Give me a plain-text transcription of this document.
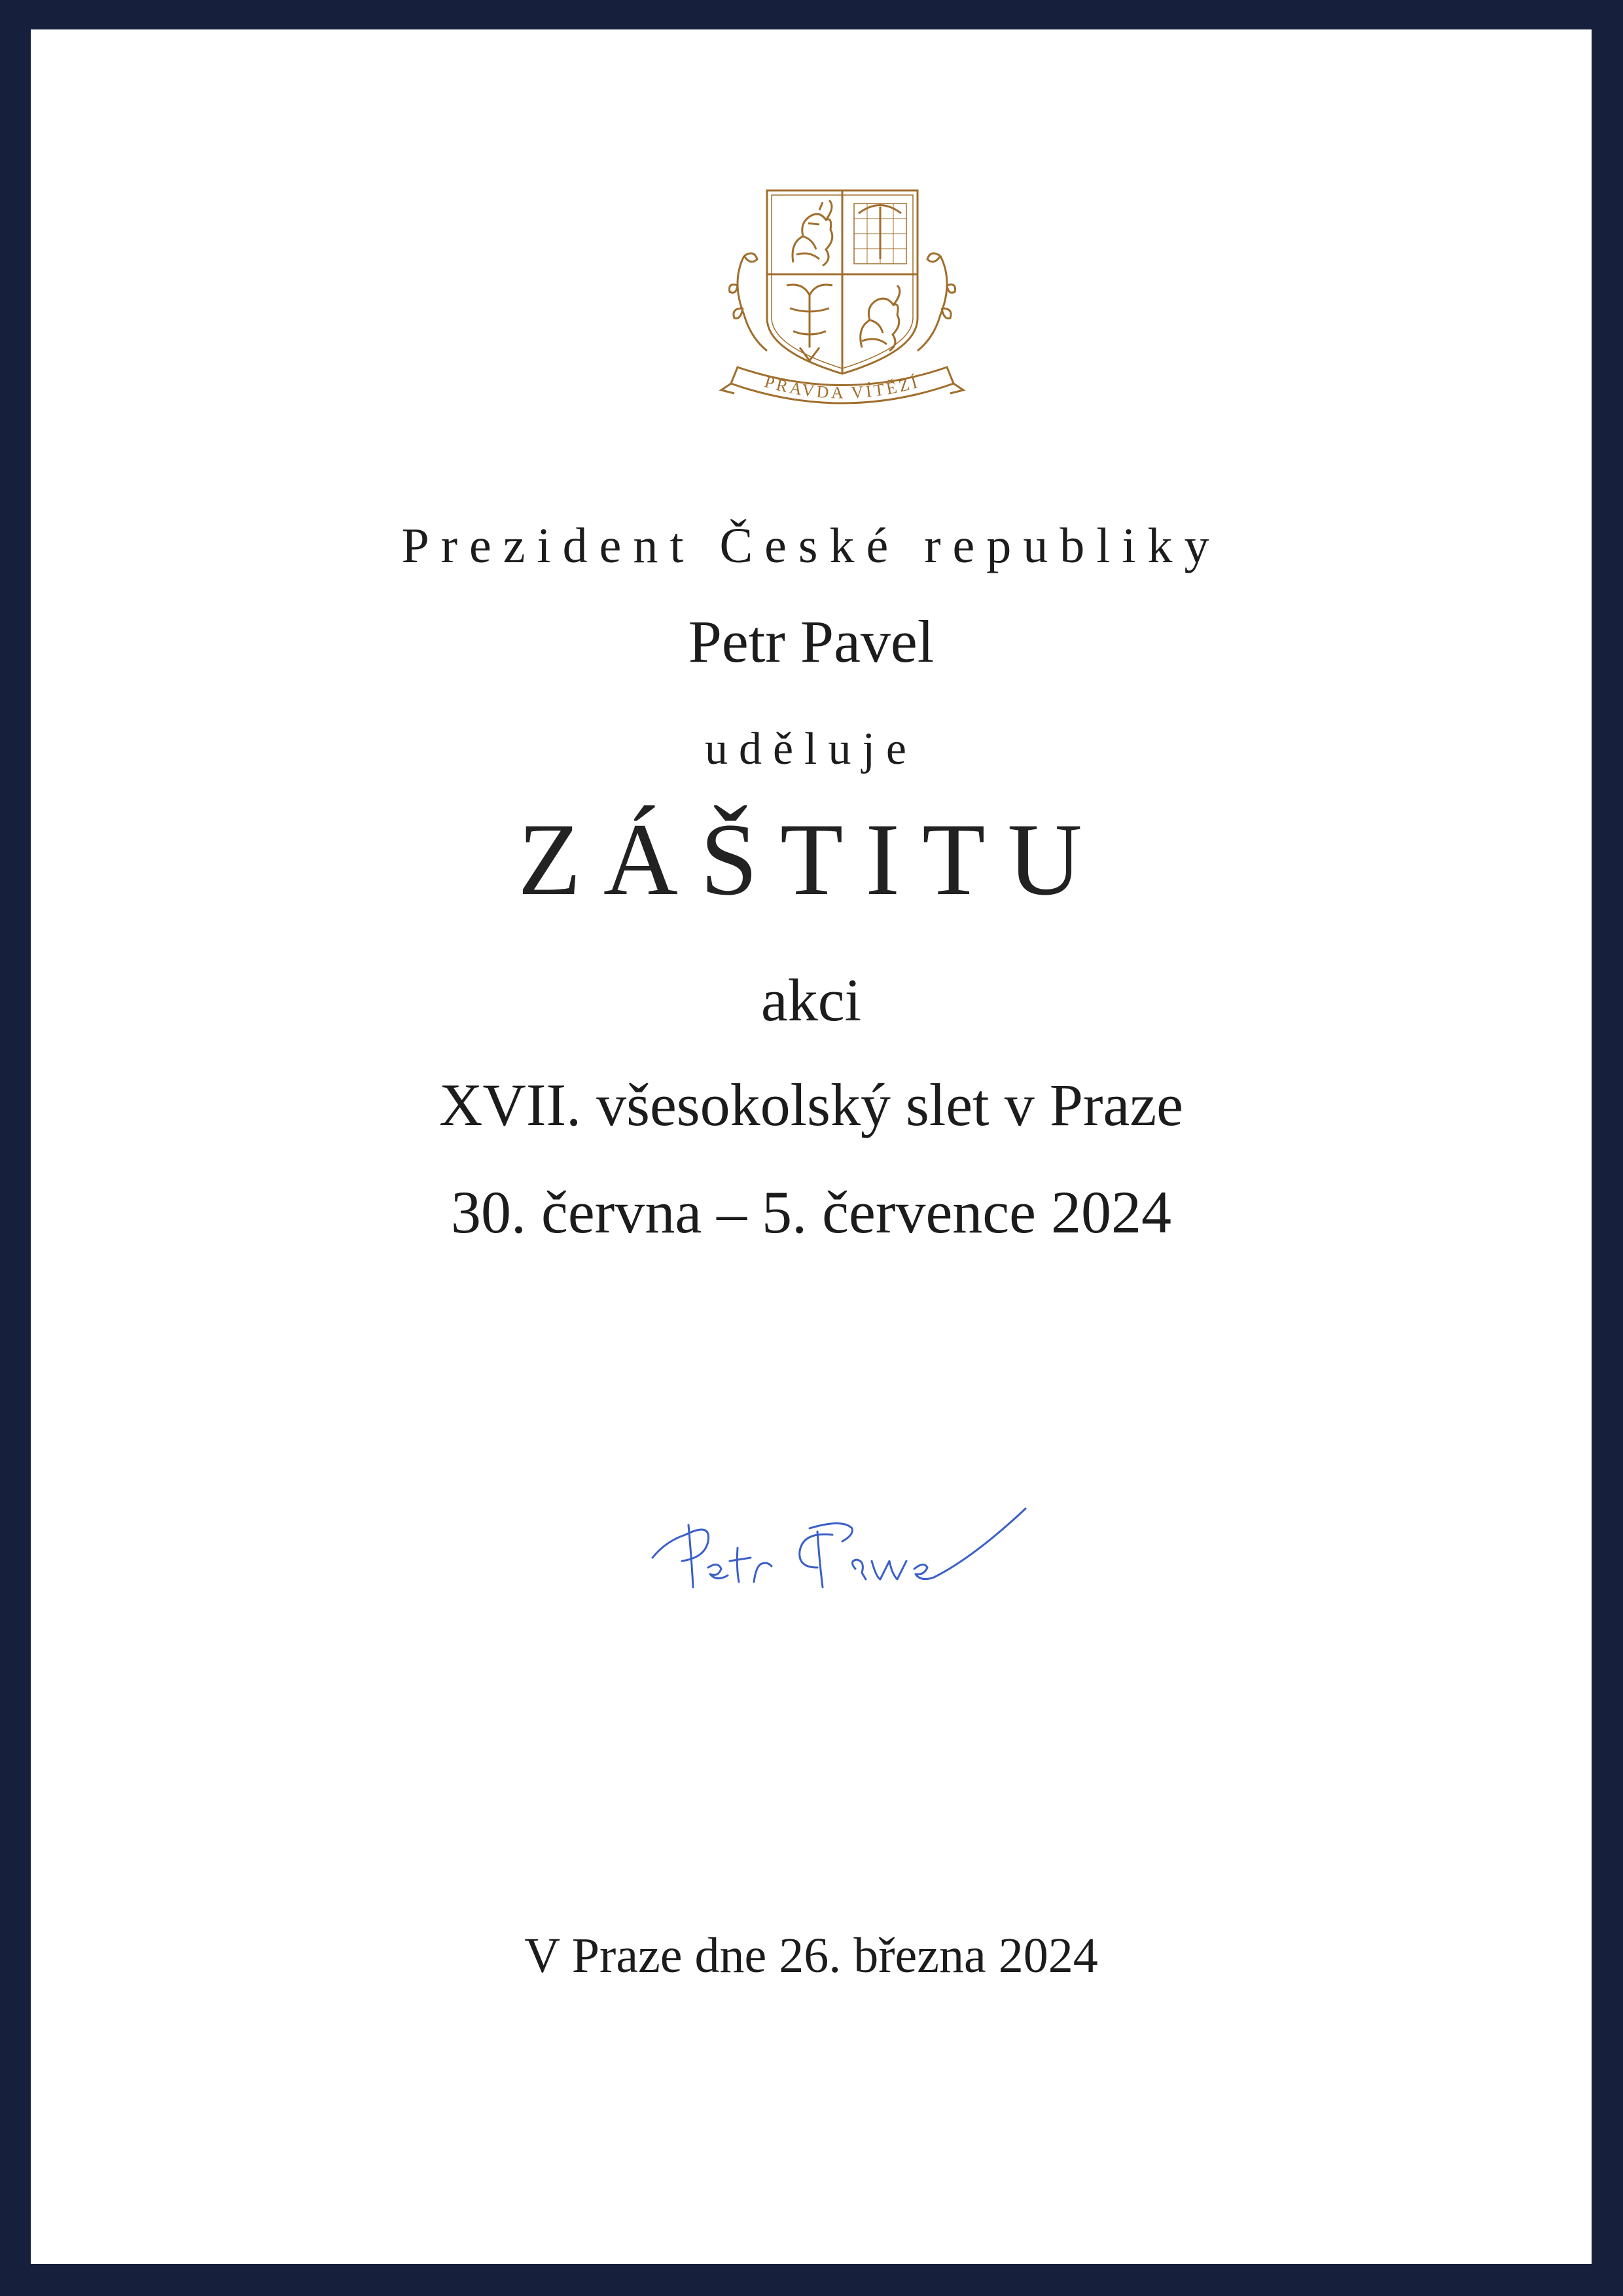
PRAVDA VÍTĚZÍ
Prezident České republiky
Petr Pavel
uděluje
ZÁŠTITU
akci
XVII. všesokolský slet v Praze
30. června – 5. července 2024
V Praze dne 26. března 2024
